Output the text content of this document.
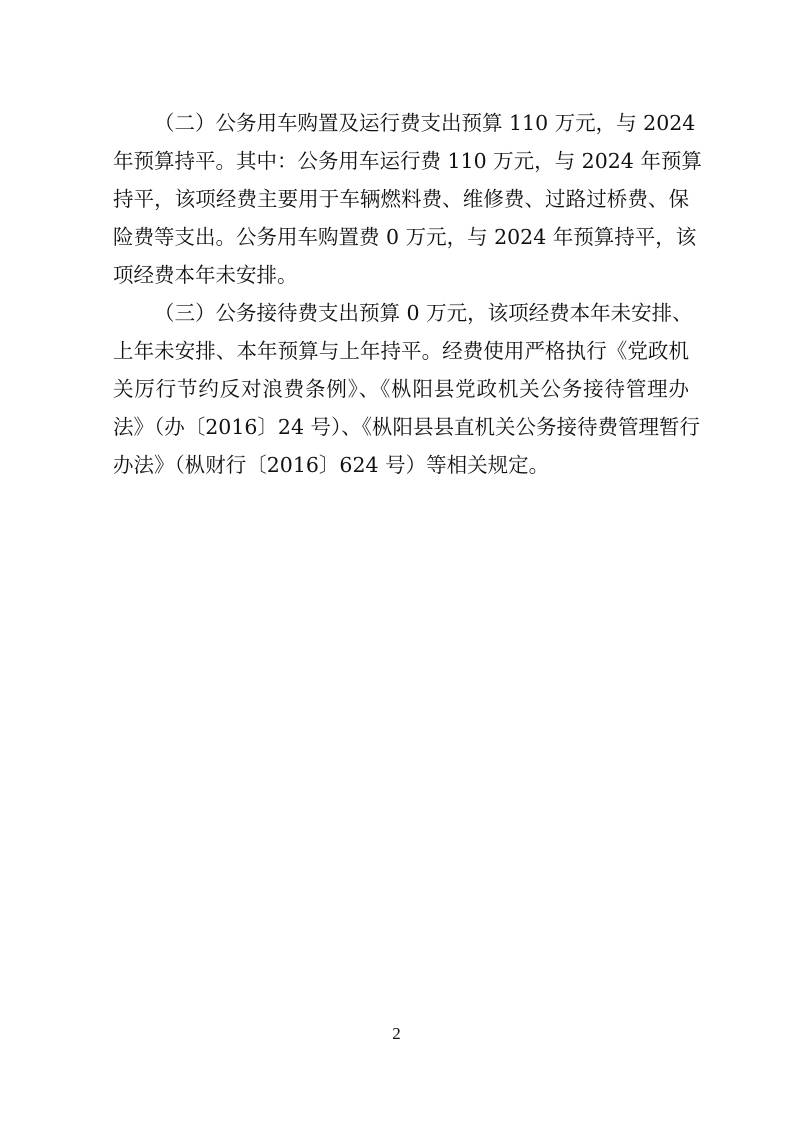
（二）公务用车购置及运行费支出预算 110 万元，与 2024
年预算持平。其中：公务用车运行费 110 万元，与 2024 年预算
持平，该项经费主要用于车辆燃料费、维修费、过路过桥费、保
险费等支出。公务用车购置费 0 万元，与 2024 年预算持平，该
项经费本年未安排。
（三）公务接待费支出预算 0 万元，该项经费本年未安排、
上年未安排、本年预算与上年持平。经费使用严格执行《党政机
关厉行节约反对浪费条例》、《枞阳县党政机关公务接待管理办
法》（办〔2016〕24 号）、《枞阳县县直机关公务接待费管理暂行
办法》（枞财行〔2016〕624 号）等相关规定。
2
